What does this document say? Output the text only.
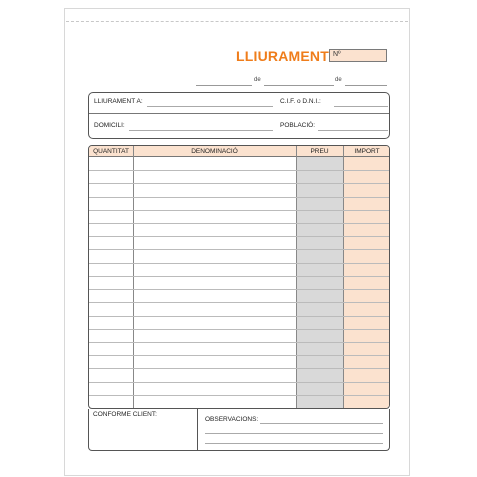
LLIURAMENT Nº
de	de
LLIURAMENT A:	C.I.F. o D.N.I.:
DOMICILI:	POBLACIÓ:
QUANTITAT	DENOMINACIÓ	PREU	IMPORT
CONFORME CLIENT:
OBSERVACIONS:
